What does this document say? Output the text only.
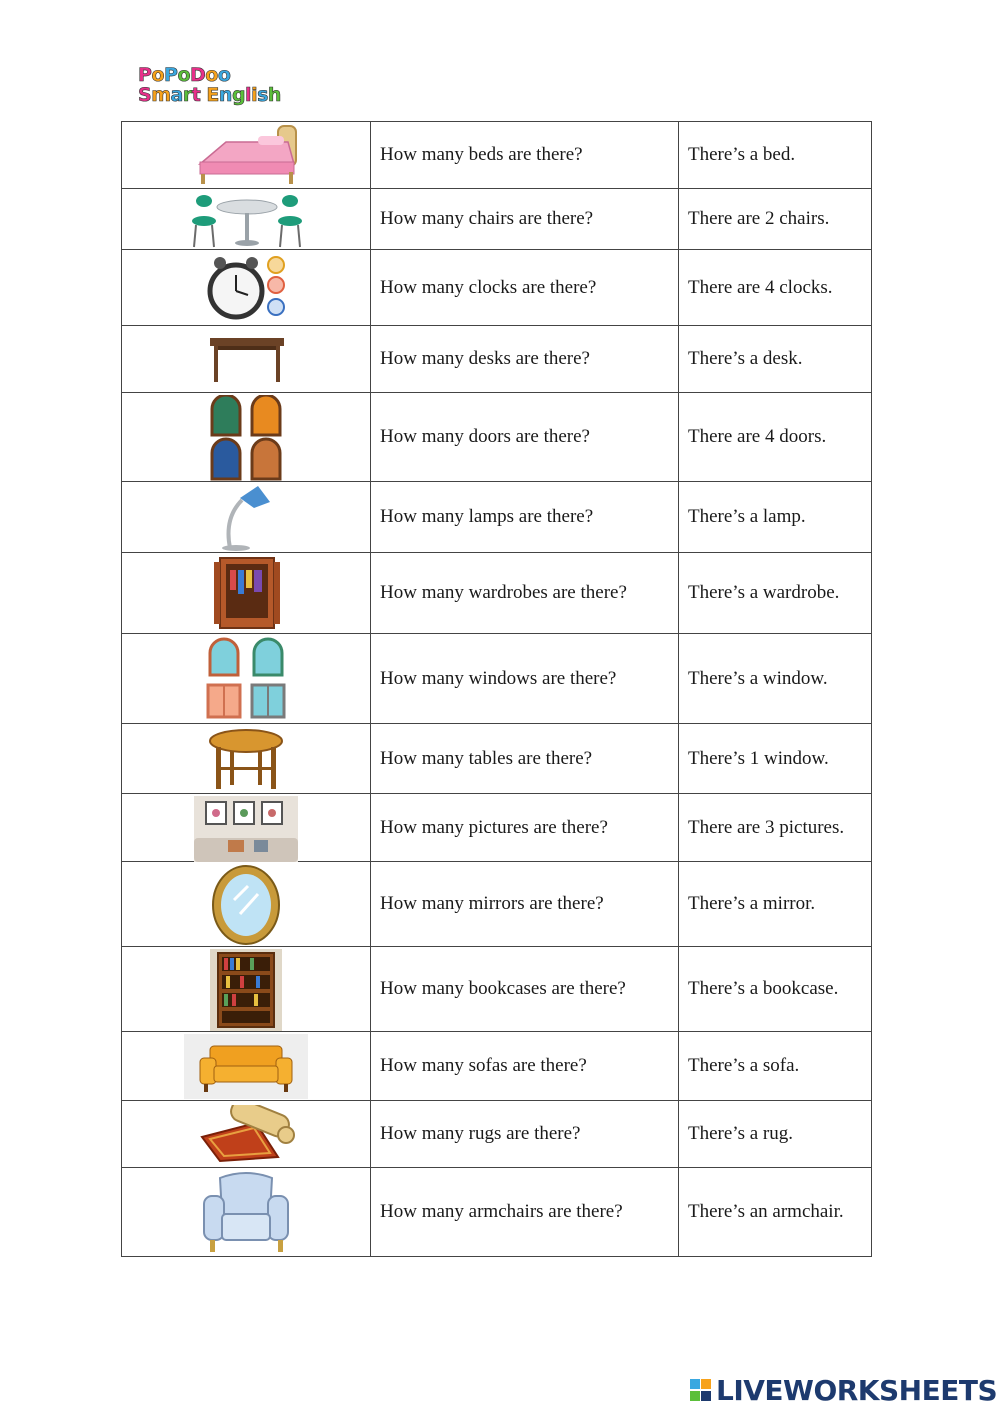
PoPoDoo
Smart English
	How many beds are there?	There’s a bed.

	How many chairs are there?	There are 2 chairs.

	How many clocks are there?	There are 4 clocks.

	How many desks are there?	There’s a desk.

	How many doors are there?	There are 4 doors.

	How many lamps are there?	There’s a lamp.

	How many wardrobes are there?	There’s a wardrobe.

	How many windows are there?	There’s a window.

	How many tables are there?	There’s 1 window.

	How many pictures are there?	There are 3 pictures.

	How many mirrors are there?	There’s a mirror.

	How many bookcases are there?	There’s a bookcase.

	How many sofas are there?	There’s a sofa.

	How many rugs are there?	There’s a rug.

	How many armchairs are there?	There’s an armchair.
LIVEWORKSHEETS
